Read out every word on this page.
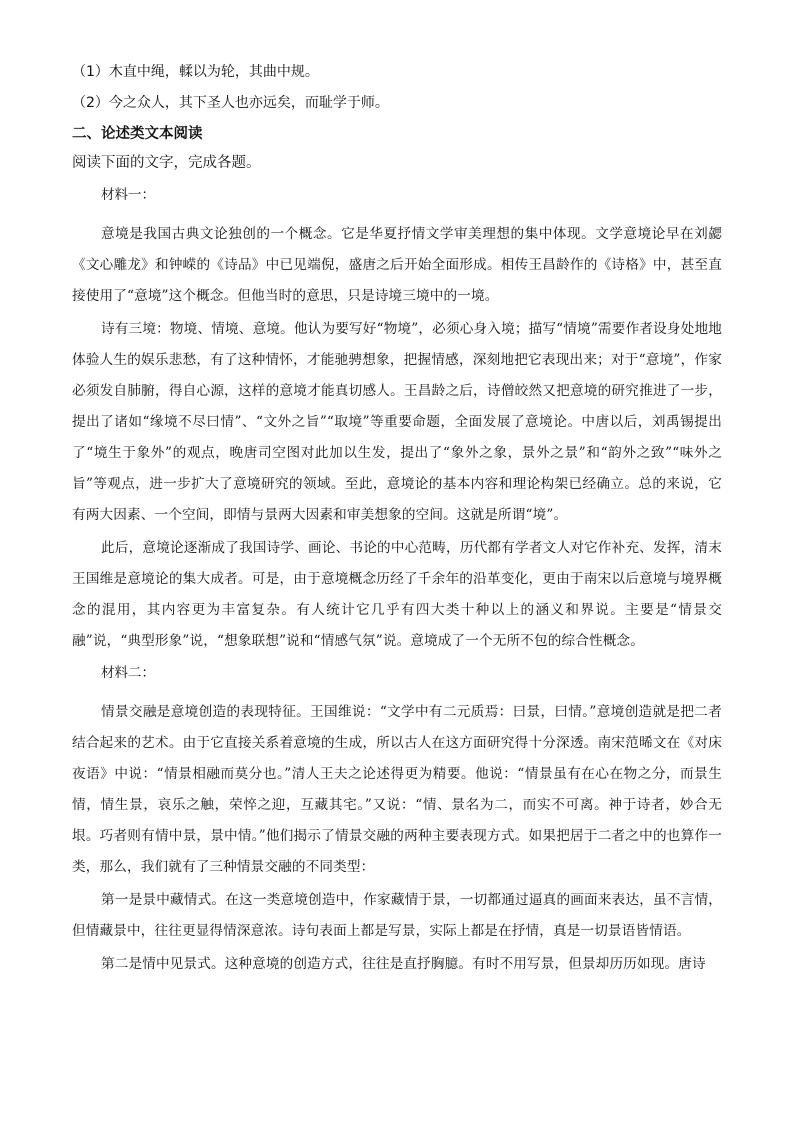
（1）木直中绳，輮以为轮，其曲中规。

（2）今之众人，其下圣人也亦远矣，而耻学于师。

二、论述类文本阅读

阅读下面的文字，完成各题。

材料一：

意境是我国古典文论独创的一个概念。它是华夏抒情文学审美理想的集中体现。文学意境论早在刘勰《文心雕龙》和钟嵘的《诗品》中已见端倪，盛唐之后开始全面形成。相传王昌龄作的《诗格》中，甚至直接使用了“意境”这个概念。但他当时的意思，只是诗境三境中的一境。

诗有三境：物境、情境、意境。他认为要写好“物境”，必须心身入境；描写“情境”需要作者设身处地地体验人生的娱乐悲愁，有了这种情怀，才能驰骋想象，把握情感，深刻地把它表现出来；对于“意境”，作家必须发自肺腑，得自心源，这样的意境才能真切感人。王昌龄之后，诗僧皎然又把意境的研究推进了一步，提出了诸如“缘境不尽曰情”、“文外之旨”“取境”等重要命题，全面发展了意境论。中唐以后，刘禹锡提出了“境生于象外”的观点，晚唐司空图对此加以生发，提出了“象外之象，景外之景”和“韵外之致”“味外之旨”等观点，进一步扩大了意境研究的领域。至此，意境论的基本内容和理论构架已经确立。总的来说，它有两大因素、一个空间，即情与景两大因素和审美想象的空间。这就是所谓“境”。

此后，意境论逐渐成了我国诗学、画论、书论的中心范畴，历代都有学者文人对它作补充、发挥，清末王国维是意境论的集大成者。可是，由于意境概念历经了千余年的沿革变化，更由于南宋以后意境与境界概念的混用，其内容更为丰富复杂。有人统计它几乎有四大类十种以上的涵义和界说。主要是“情景交融”说，“典型形象”说，“想象联想”说和“情感气氛”说。意境成了一个无所不包的综合性概念。

材料二：

情景交融是意境创造的表现特征。王国维说：“文学中有二元质焉：曰景，曰情。”意境创造就是把二者结合起来的艺术。由于它直接关系着意境的生成，所以古人在这方面研究得十分深透。南宋范晞文在《对床夜语》中说：“情景相融而莫分也。”清人王夫之论述得更为精要。他说：“情景虽有在心在物之分，而景生情，情生景，哀乐之触，荣悴之迎，互藏其宅。”又说：“情、景名为二，而实不可离。神于诗者，妙合无垠。巧者则有情中景，景中情。”他们揭示了情景交融的两种主要表现方式。如果把居于二者之中的也算作一类，那么，我们就有了三种情景交融的不同类型：

第一是景中藏情式。在这一类意境创造中，作家藏情于景，一切都通过逼真的画面来表达，虽不言情，但情藏景中，往往更显得情深意浓。诗句表面上都是写景，实际上都是在抒情，真是一切景语皆情语。

第二是情中见景式。这种意境的创造方式，往往是直抒胸臆。有时不用写景，但景却历历如现。唐诗
